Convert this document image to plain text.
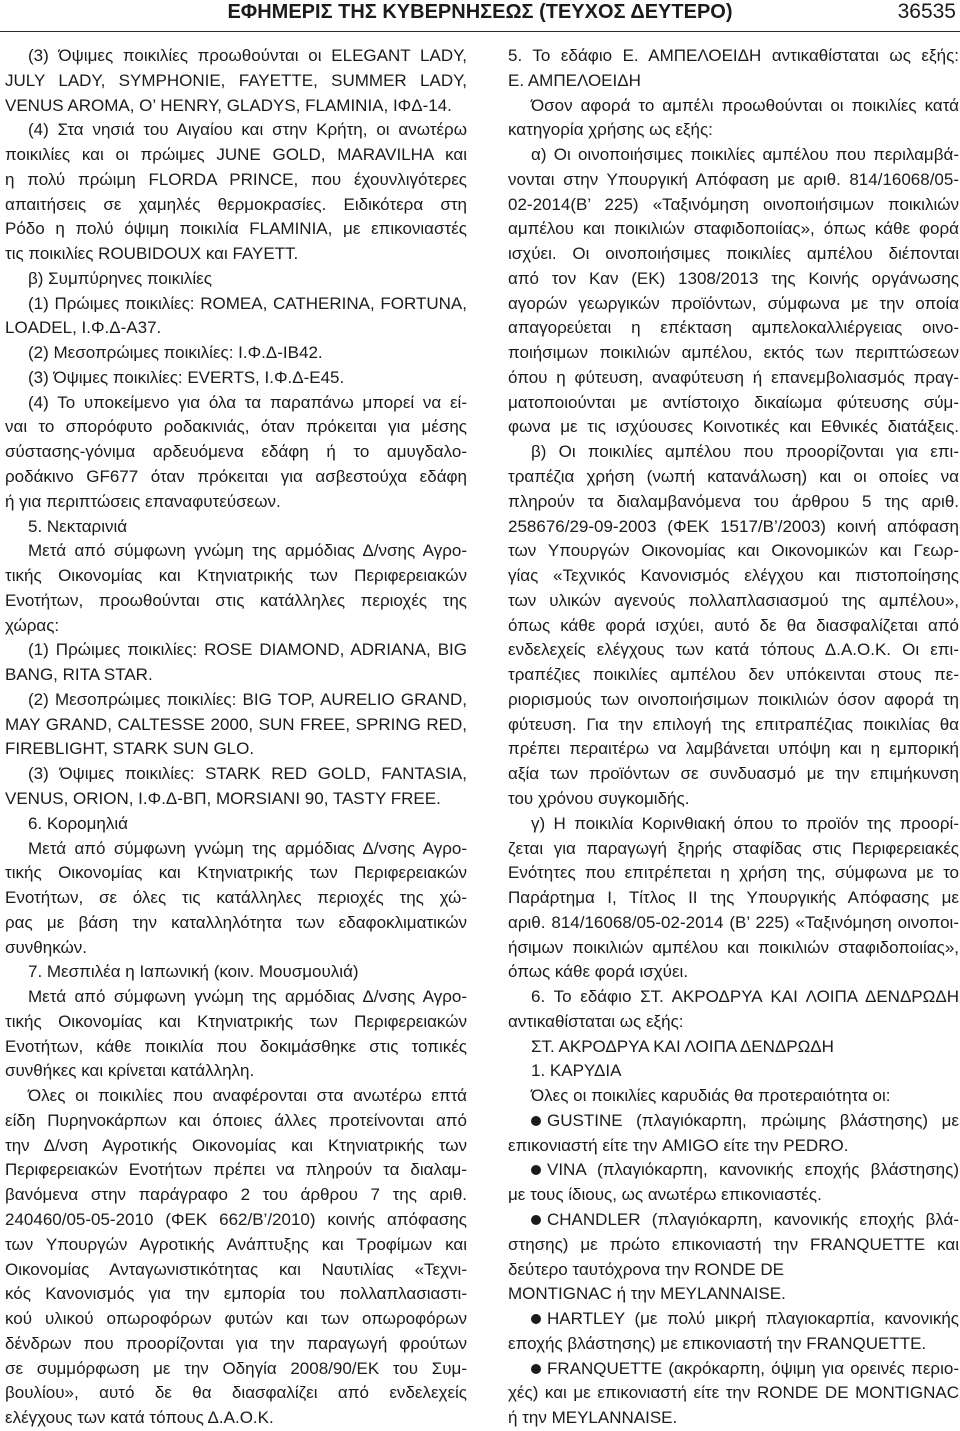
ΕΦΗΜΕΡΙΣ ΤΗΣ ΚΥΒΕΡΝΗΣΕΩΣ (ΤΕΥΧΟΣ ΔΕΥΤΕΡΟ)	36535
(3) Όψιμες ποικιλίες προωθούνται οι ELEGANT LADY,
JULY LADY, SYMPHONIE, FAYETTE, SUMMER LADY,
VENUS AROMA, O’ HENRY, GLADYS, FLAMINIA, ΙΦΔ-14.
(4) Στα νησιά του Αιγαίου και στην Κρήτη, οι ανωτέρω
ποικιλίες και οι πρώιμες JUNE GOLD, MARAVILHA και
η πολύ πρώιμη FLORDA PRINCE, που έχουνλιγότερες
απαιτήσεις σε χαμηλές θερμοκρασίες. Ειδικότερα στη
Ρόδο η πολύ όψιμη ποικιλία FLAMINIA, με επικονιαστές
τις ποικιλίες ROUBIDOUX και FAYETT.
β) Συμπύρηνες ποικιλίες
(1) Πρώιμες ποικιλίες: ROMEA, CATHERINA, FORTUNA,
LOADEL, Ι.Φ.Δ-Α37.
(2) Μεσοπρώιμες ποικιλίες: Ι.Φ.Δ-ΙΒ42.
(3) Όψιμες ποικιλίες: EVERTS, Ι.Φ.Δ-Ε45.
(4) Το υποκείμενο για όλα τα παραπάνω μπορεί να εί-
ναι το σπορόφυτο ροδακινιάς, όταν πρόκειται για μέσης
σύστασης-γόνιμα αρδευόμενα εδάφη ή το αμυγδαλο-
ροδάκινο GF677 όταν πρόκειται για ασβεστούχα εδάφη
ή για περιπτώσεις επαναφυτεύσεων.
5. Νεκταρινιά
Μετά από σύμφωνη γνώμη της αρμόδιας Δ/νσης Αγρο-
τικής Οικονομίας και Κτηνιατρικής των Περιφερειακών
Ενοτήτων, προωθούνται στις κατάλληλες περιοχές της
χώρας:
(1) Πρώιμες ποικιλίες: ROSE DIAMOND, ADRIANA, BIG
BANG, RITA STAR.
(2) Μεσοπρώιμες ποικιλίες: BIG TOP, AURELIO GRAND,
MAY GRAND, CALTESSE 2000, SUN FREE, SPRING RED,
FIREBLIGHT, STARK SUN GLO.
(3) Όψιμες ποικιλίες: STARK RED GOLD, FANTASIA,
VENUS, ORION, Ι.Φ.Δ-ΒΠ, MORSIANI 90, TASTY FREE.
6. Κορομηλιά
Μετά από σύμφωνη γνώμη της αρμόδιας Δ/νσης Αγρο-
τικής Οικονομίας και Κτηνιατρικής των Περιφερειακών
Ενοτήτων, σε όλες τις κατάλληλες περιοχές της χώ-
ρας με βάση την καταλληλότητα των εδαφοκλιματικών
συνθηκών.
7. Μεσπιλέα η Ιαπωνική (κοιν. Μουσμουλιά)
Μετά από σύμφωνη γνώμη της αρμόδιας Δ/νσης Αγρο-
τικής Οικονομίας και Κτηνιατρικής των Περιφερειακών
Ενοτήτων, κάθε ποικιλία που δοκιμάσθηκε στις τοπικές
συνθήκες και κρίνεται κατάλληλη.
Όλες οι ποικιλίες που αναφέρονται στα ανωτέρω επτά
είδη Πυρηνοκάρπων και όποιες άλλες προτείνονται από
την Δ/νση Αγροτικής Οικονομίας και Κτηνιατρικής των
Περιφερειακών Ενοτήτων πρέπει να πληρούν τα διαλαμ-
βανόμενα στην παράγραφο 2 του άρθρου 7 της αριθ.
240460/05-05-2010 (ΦΕΚ 662/Β’/2010) κοινής απόφασης
των Υπουργών Αγροτικής Ανάπτυξης και Τροφίμων και
Οικονομίας Ανταγωνιστικότητας και Ναυτιλίας «Τεχνι-
κός Κανονισμός για την εμπορία του πολλαπλασιαστι-
κού υλικού οπωροφόρων φυτών και των οπωροφόρων
δένδρων που προορίζονται για την παραγωγή φρούτων
σε συμμόρφωση με την Οδηγία 2008/90/ΕΚ του Συμ-
βουλίου», αυτό δε θα διασφαλίζει από ενδελεχείς
ελέγχους των κατά τόπους Δ.Α.Ο.Κ.
5. Το εδάφιο Ε. ΑΜΠΕΛΟΕΙΔΗ αντικαθίσταται ως εξής:
Ε. ΑΜΠΕΛΟΕΙΔΗ
Όσον αφορά το αμπέλι προωθούνται οι ποικιλίες κατά
κατηγορία χρήσης ως εξής:
α) Οι οινοποιήσιμες ποικιλίες αμπέλου που περιλαμβά-
νονται στην Υπουργική Απόφαση με αριθ. 814/16068/05-
02-2014(Β’ 225) «Ταξινόμηση οινοποιήσιμων ποικιλιών
αμπέλου και ποικιλιών σταφιδοποιίας», όπως κάθε φορά
ισχύει. Οι οινοποιήσιμες ποικιλίες αμπέλου διέπονται
από τον Καν (ΕΚ) 1308/2013 της Κοινής οργάνωσης
αγορών γεωργικών προϊόντων, σύμφωνα με την οποία
απαγορεύεται η επέκταση αμπελοκαλλιέργειας οινο-
ποιήσιμων ποικιλιών αμπέλου, εκτός των περιπτώσεων
όπου η φύτευση, αναφύτευση ή επανεμβολιασμός πραγ-
ματοποιούνται με αντίστοιχο δικαίωμα φύτευσης σύμ-
φωνα με τις ισχύουσες Κοινοτικές και Εθνικές διατάξεις.
β) Οι ποικιλίες αμπέλου που προορίζονται για επι-
τραπέζια χρήση (νωπή κατανάλωση) και οι οποίες να
πληρούν τα διαλαμβανόμενα του άρθρου 5 της αριθ.
258676/29-09-2003 (ΦΕΚ 1517/Β’/2003) κοινή απόφαση
των Υπουργών Οικονομίας και Οικονομικών και Γεωρ-
γίας «Τεχνικός Κανονισμός ελέγχου και πιστοποίησης
των υλικών αγενούς πολλαπλασιασμού της αμπέλου»,
όπως κάθε φορά ισχύει, αυτό δε θα διασφαλίζεται από
ενδελεχείς ελέγχους των κατά τόπους Δ.Α.Ο.Κ. Οι επι-
τραπέζιες ποικιλίες αμπέλου δεν υπόκεινται στους πε-
ριορισμούς των οινοποιήσιμων ποικιλιών όσον αφορά τη
φύτευση. Για την επιλογή της επιτραπέζιας ποικιλίας θα
πρέπει περαιτέρω να λαμβάνεται υπόψη και η εμπορική
αξία των προϊόντων σε συνδυασμό με την επιμήκυνση
του χρόνου συγκομιδής.
γ) Η ποικιλία Κορινθιακή όπου το προϊόν της προορί-
ζεται για παραγωγή ξηρής σταφίδας στις Περιφερειακές
Ενότητες που επιτρέπεται η χρήση της, σύμφωνα με το
Παράρτημα Ι, Τίτλος ΙΙ της Υπουργικής Απόφασης με
αριθ. 814/16068/05-02-2014 (Β’ 225) «Ταξινόμηση οινοποι-
ήσιμων ποικιλιών αμπέλου και ποικιλιών σταφιδοποιίας»,
όπως κάθε φορά ισχύει.
6. Το εδάφιο ΣΤ. ΑΚΡΟΔΡΥΑ ΚΑΙ ΛΟΙΠΑ ΔΕΝΔΡΩΔΗ
αντικαθίσταται ως εξής:
ΣΤ. ΑΚΡΟΔΡΥΑ ΚΑΙ ΛΟΙΠΑ ΔΕΝΔΡΩΔΗ
1. ΚΑΡΥΔΙΑ
Όλες οι ποικιλίες καρυδιάς θα προτεραιότητα οι:
GUSTINE (πλαγιόκαρπη, πρώιμης βλάστησης) με
επικονιαστή είτε την AMIGO είτε την PEDRO.
VINA (πλαγιόκαρπη, κανονικής εποχής βλάστησης)
με τους ίδιους, ως ανωτέρω επικονιαστές.
CHANDLER (πλαγιόκαρπη, κανονικής εποχής βλά-
στησης) με πρώτο επικονιαστή την FRANQUETTE και
δεύτερο ταυτόχρονα την RONDE DE
MONTIGNAC ή την MEYLANNAISE.
HARTLEY (με πολύ μικρή πλαγιοκαρπία, κανονικής
εποχής βλάστησης) με επικονιαστή την FRANQUETTE.
FRANQUETTE (ακρόκαρπη, όψιμη για ορεινές περιο-
χές) και με επικονιαστή είτε την RONDE DE MONTIGNAC
ή την MEYLANNAISE.
